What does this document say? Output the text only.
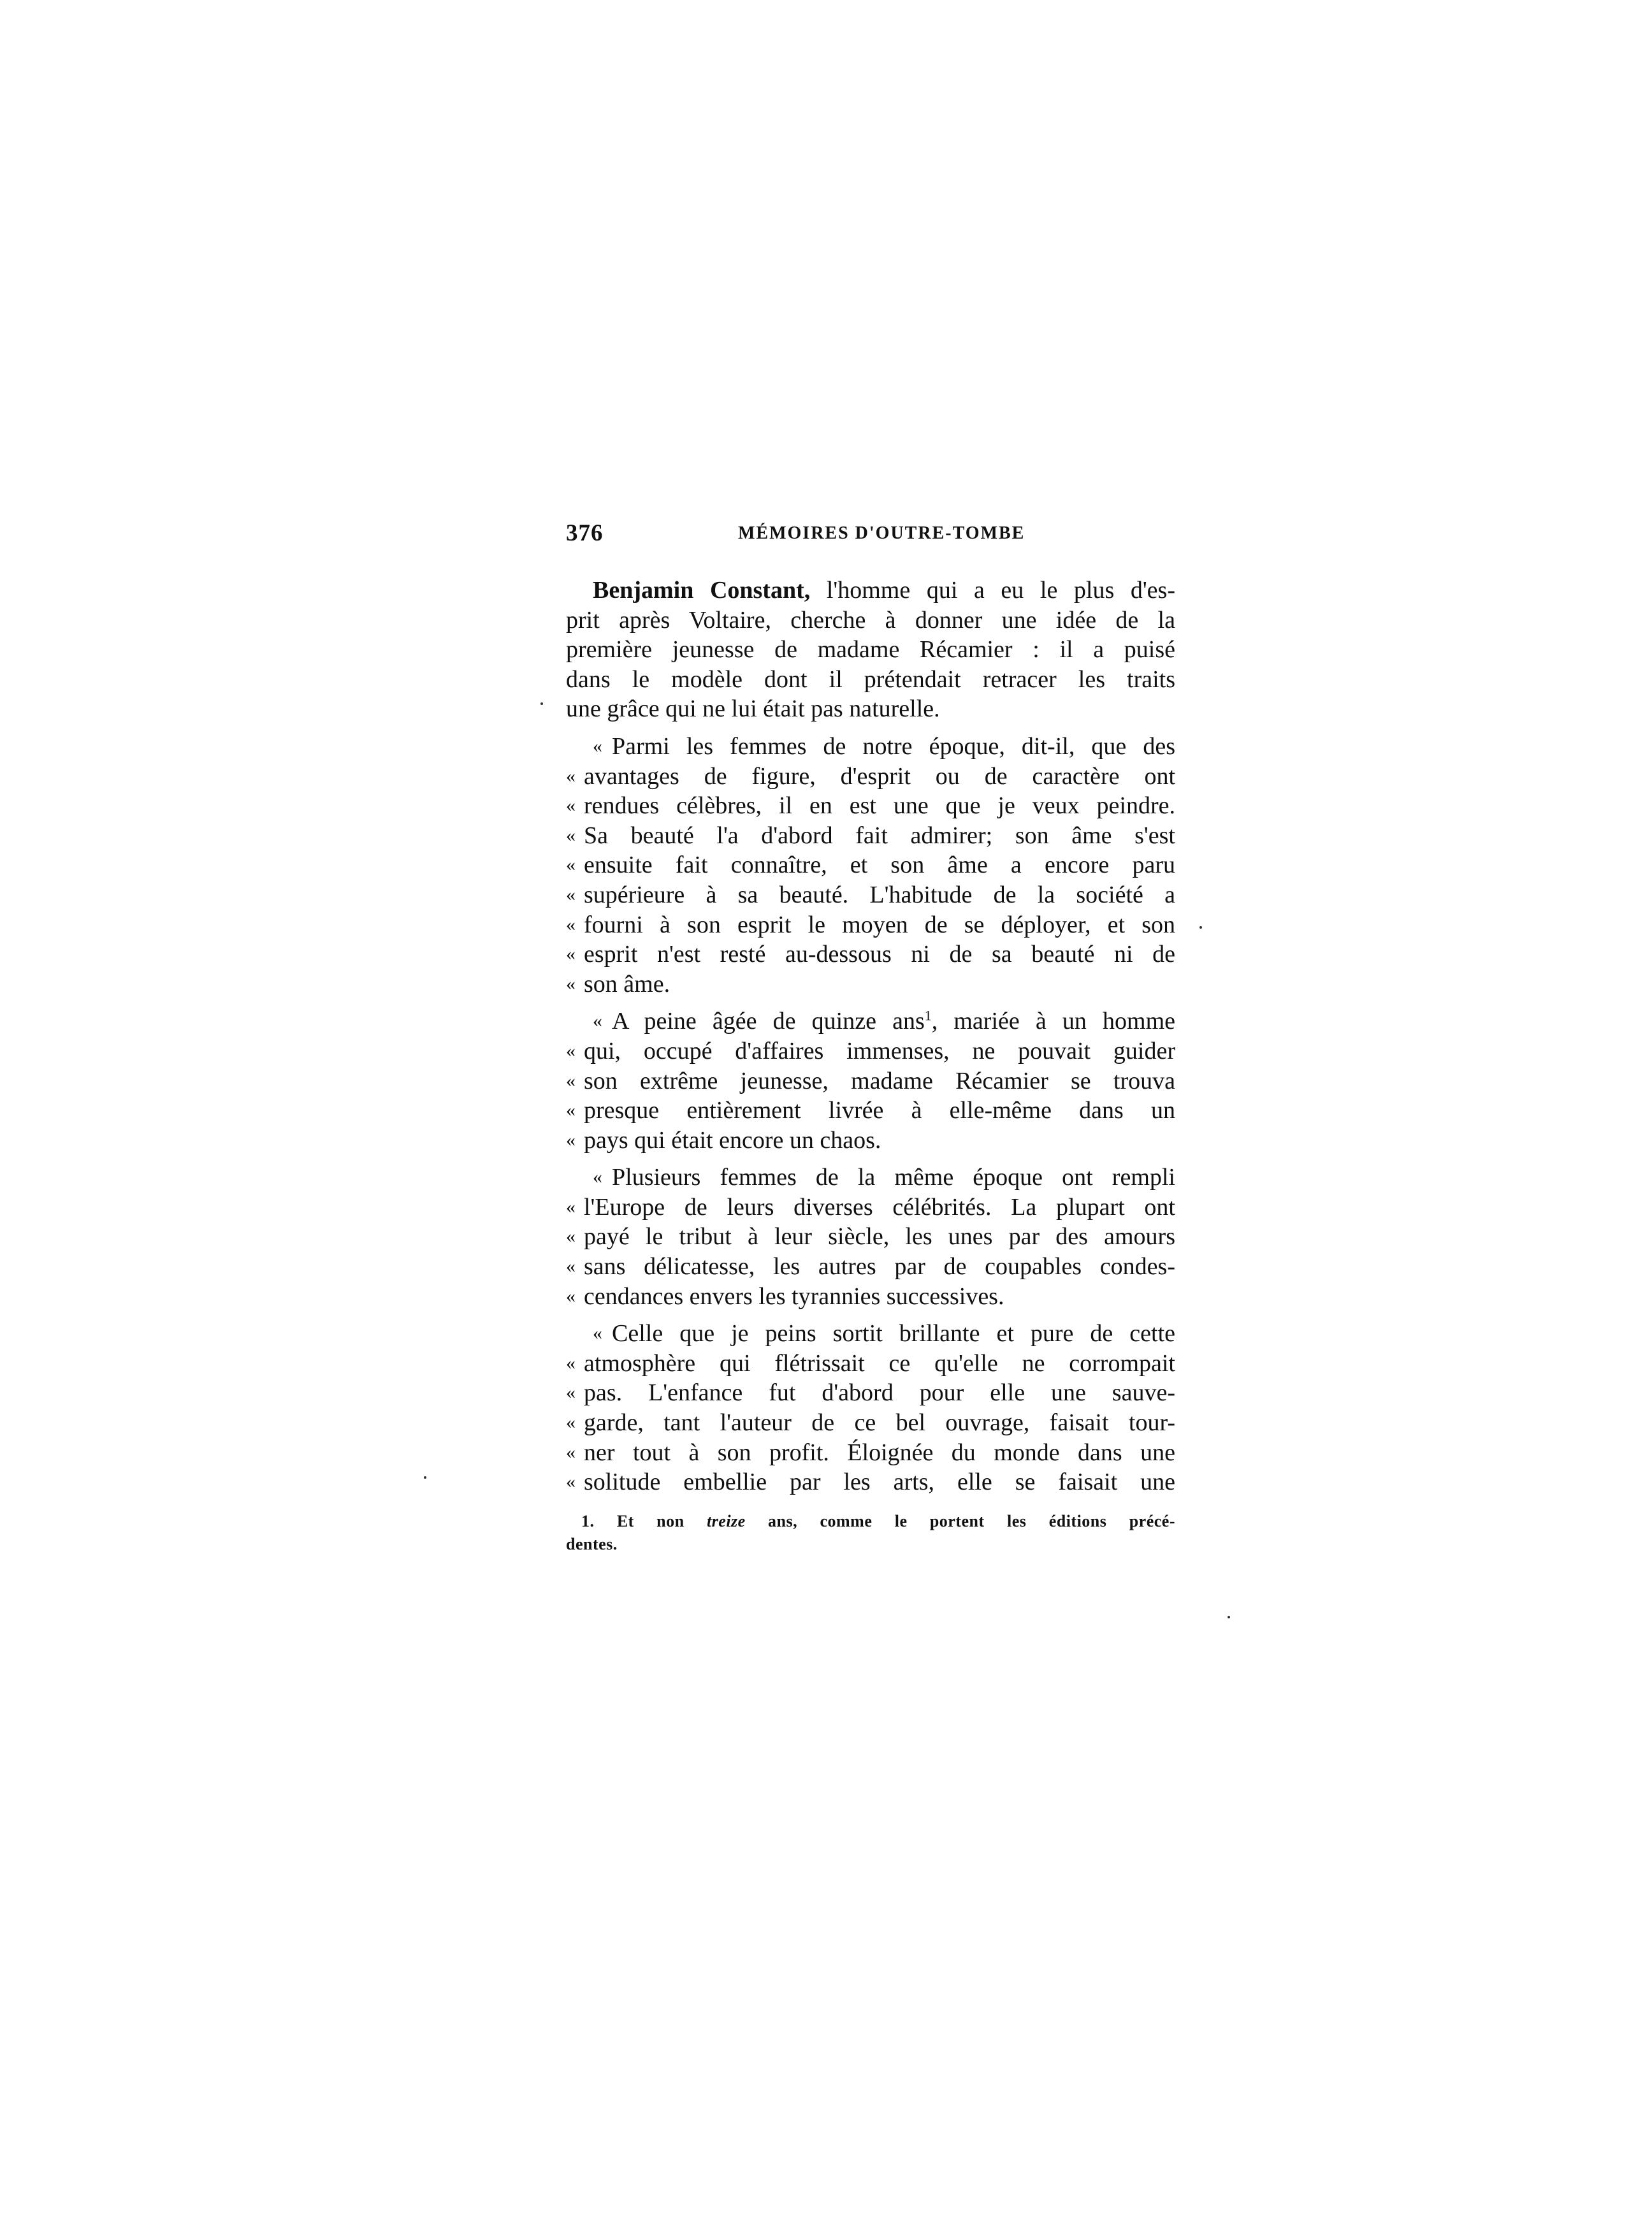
376	MÉMOIRES D'OUTRE-TOMBE
Benjamin Constant, l'homme qui a eu le plus d'es-
prit après Voltaire, cherche à donner une idée de la
première jeunesse de madame Récamier : il a puisé
dans le modèle dont il prétendait retracer les traits
une grâce qui ne lui était pas naturelle.
« Parmi les femmes de notre époque, dit-il, que des
« avantages de figure, d'esprit ou de caractère ont
« rendues célèbres, il en est une que je veux peindre.
« Sa beauté l'a d'abord fait admirer; son âme s'est
« ensuite fait connaître, et son âme a encore paru
« supérieure à sa beauté. L'habitude de la société a
« fourni à son esprit le moyen de se déployer, et son
« esprit n'est resté au-dessous ni de sa beauté ni de
« son âme.
« A peine âgée de quinze ans$^1$, mariée à un homme
« qui, occupé d'affaires immenses, ne pouvait guider
« son extrême jeunesse, madame Récamier se trouva
« presque entièrement livrée à elle-même dans un
« pays qui était encore un chaos.
« Plusieurs femmes de la même époque ont rempli
« l'Europe de leurs diverses célébrités. La plupart ont
« payé le tribut à leur siècle, les unes par des amours
« sans délicatesse, les autres par de coupables condes-
« cendances envers les tyrannies successives.
« Celle que je peins sortit brillante et pure de cette
« atmosphère qui flétrissait ce qu'elle ne corrompait
« pas. L'enfance fut d'abord pour elle une sauve-
« garde, tant l'auteur de ce bel ouvrage, faisait tour-
« ner tout à son profit. Éloignée du monde dans une
« solitude embellie par les arts, elle se faisait une
1. Et non treize ans, comme le portent les éditions précé-
dentes.
